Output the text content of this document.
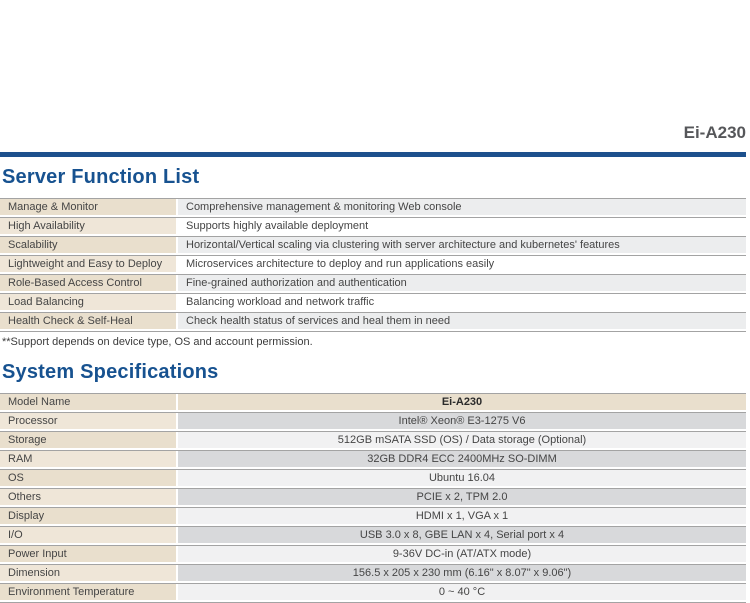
Ei-A230
Server Function List
Manage & Monitor	Comprehensive management & monitoring Web console
High Availability	Supports highly available deployment
Scalability	Horizontal/Vertical scaling via clustering with server architecture and kubernetes' features
Lightweight and Easy to Deploy	Microservices architecture to deploy and run applications easily
Role-Based Access Control	Fine-grained authorization and authentication
Load Balancing	Balancing workload and network traffic
Health Check & Self-Heal	Check health status of services and heal them in need
**Support depends on device type, OS and account permission.
System Specifications
Model Name	Ei-A230
Processor	Intel® Xeon® E3-1275 V6
Storage	512GB mSATA SSD (OS) / Data storage (Optional)
RAM	32GB DDR4 ECC 2400MHz SO-DIMM
OS	Ubuntu 16.04
Others	PCIE x 2, TPM 2.0
Display	HDMI x 1, VGA x 1
I/O	USB 3.0 x 8, GBE LAN x 4, Serial port x 4
Power Input	9-36V DC-in (AT/ATX mode)
Dimension	156.5 x 205 x 230 mm (6.16" x 8.07" x 9.06")
Environment Temperature	0 ~ 40 °C
